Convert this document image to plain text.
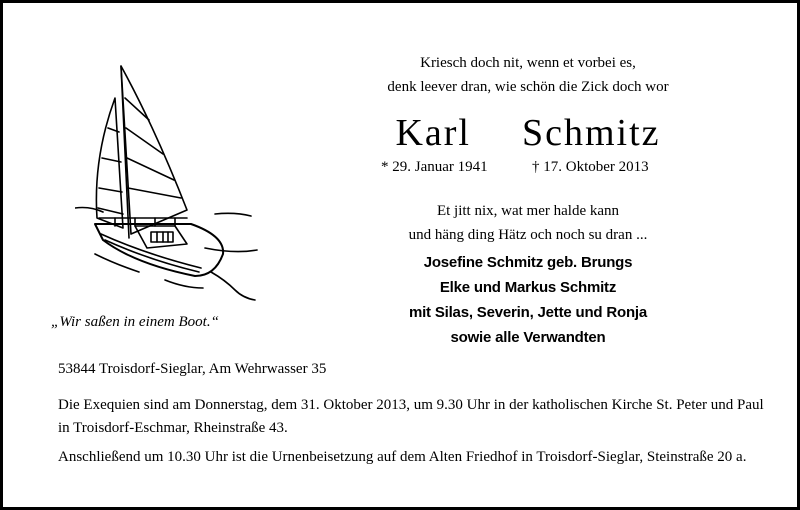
„Wir saßen in einem Boot.“
Kriesch doch nit, wenn et vorbei es,
denk leever dran, wie schön die Zick doch wor
Karl  Schmitz
* 29. Januar 1941	† 17. Oktober 2013
Et jitt nix, wat mer halde kann
und häng ding Hätz och noch su dran ...
Josefine Schmitz geb. Brungs
Elke und Markus Schmitz
mit Silas, Severin, Jette und Ronja
sowie alle Verwandten
53844 Troisdorf-Sieglar, Am Wehrwasser 35
Die Exequien sind am Donnerstag, dem 31. Oktober 2013, um 9.30 Uhr in der katholischen Kirche St. Peter und Paul
in Troisdorf-Eschmar, Rheinstraße 43.
Anschließend um 10.30 Uhr ist die Urnenbeisetzung auf dem Alten Friedhof in Troisdorf-Sieglar, Steinstraße 20 a.
